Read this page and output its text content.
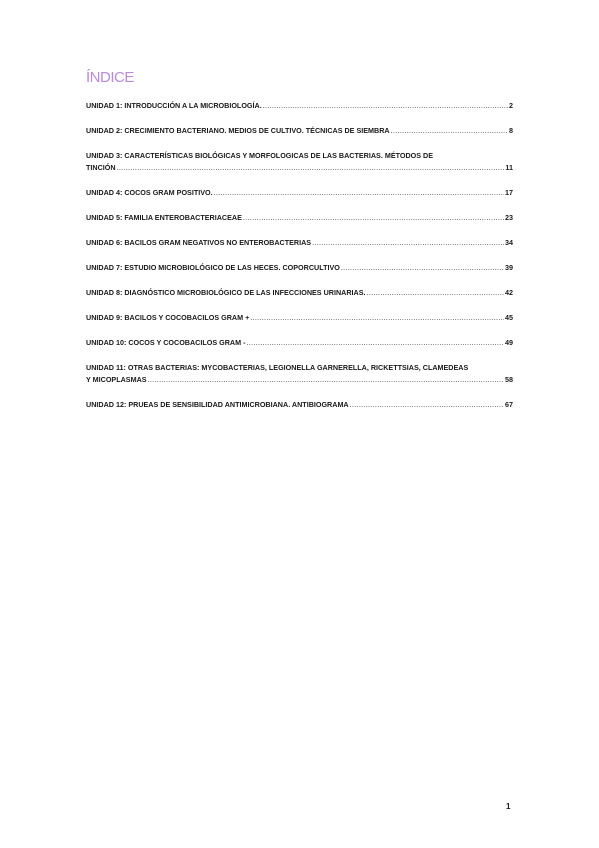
ÍNDICE
UNIDAD 1: INTRODUCCIÓN A LA MICROBIOLOGÍA. .....	2
UNIDAD 2: CRECIMIENTO BACTERIANO. MEDIOS DE CULTIVO. TÉCNICAS DE SIEMBRA .....	8
UNIDAD 3: CARACTERÍSTICAS BIOLÓGICAS Y MORFOLOGICAS DE LAS BACTERIAS. MÉTODOS DE
TINCIÓN .....	11
UNIDAD 4: COCOS GRAM POSITIVO. .....	17
UNIDAD 5: FAMILIA ENTEROBACTERIACEAE .....	23
UNIDAD 6: BACILOS GRAM NEGATIVOS NO ENTEROBACTERIAS .....	34
UNIDAD 7: ESTUDIO MICROBIOLÓGICO DE LAS HECES. COPORCULTIVO .....	39
UNIDAD 8: DIAGNÓSTICO MICROBIOLÓGICO DE LAS INFECCIONES URINARIAS. .....	42
UNIDAD 9: BACILOS Y COCOBACILOS GRAM + .....	45
UNIDAD 10: COCOS Y COCOBACILOS GRAM - .....	49
UNIDAD 11: OTRAS BACTERIAS: MYCOBACTERIAS, LEGIONELLA GARNERELLA, RICKETTSIAS, CLAMEDEAS
Y MICOPLASMAS .....	58
UNIDAD 12: PRUEAS DE SENSIBILIDAD ANTIMICROBIANA. ANTIBIOGRAMA .....	67
1
